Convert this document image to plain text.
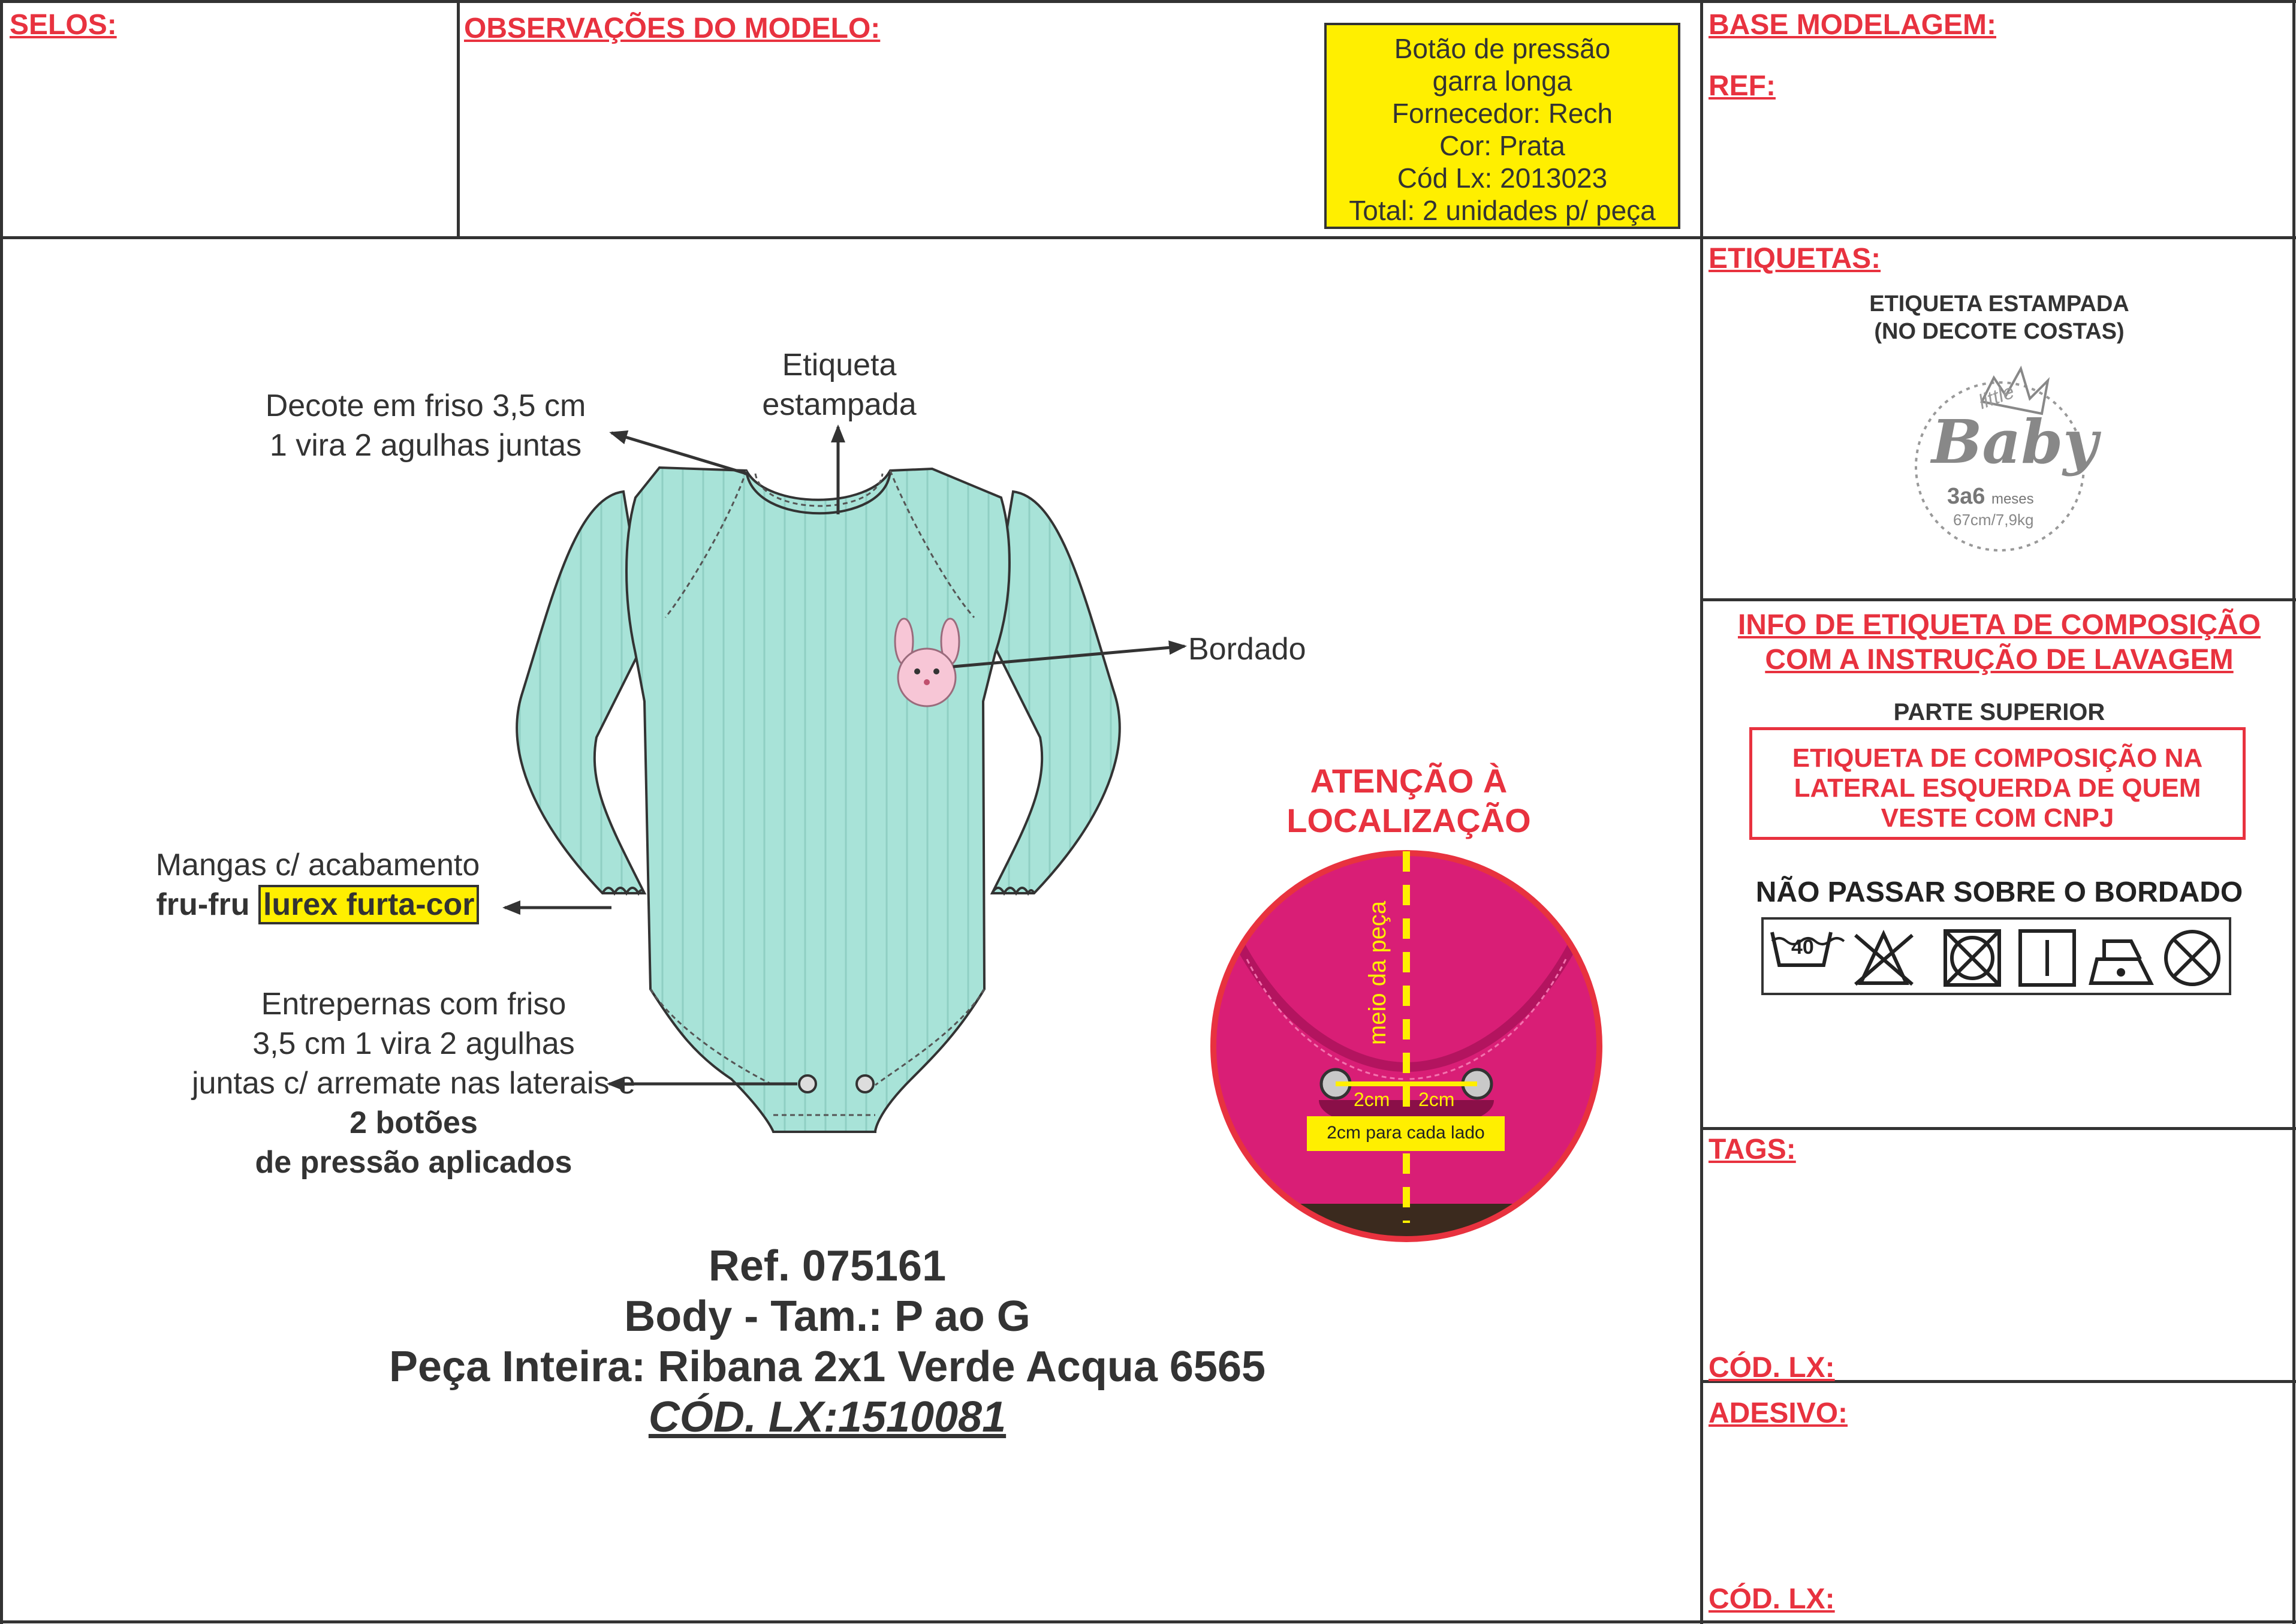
SELOS:	OBSERVAÇÕES DO MODELO:	BASE MODELAGEM:
REF:
ETIQUETAS:
TAGS:
CÓD. LX:
ADESIVO:
CÓD. LX:
Botão de pressão
garra longa
Fornecedor: Rech
Cor: Prata
Cód Lx: 2013023
Total: 2 unidades p/ peça
ETIQUETA ESTAMPADA
(NO DECOTE COSTAS)
INFO DE ETIQUETA DE COMPOSIÇÃO
COM A INSTRUÇÃO DE LAVAGEM
PARTE SUPERIOR
ETIQUETA DE COMPOSIÇÃO NA
LATERAL ESQUERDA DE QUEM
VESTE COM CNPJ
NÃO PASSAR SOBRE O BORDADO
Decote em friso 3,5 cm
1 vira 2 agulhas juntas
Etiqueta
estampada
Bordado
Mangas c/ acabamento
fru-fru lurex furta-cor
Entrepernas com friso
3,5 cm 1 vira 2 agulhas
juntas c/ arremate nas laterais e
2 botões
de pressão aplicados
ATENÇÃO À
LOCALIZAÇÃO
Ref. 075161
Body - Tam.: P ao G
Peça Inteira: Ribana 2x1 Verde Acqua 6565
CÓD. LX:1510081
little
Baby
3a6 meses
67cm/7,9kg
40
meio da peça
2cm 2cm
2cm para cada lado
